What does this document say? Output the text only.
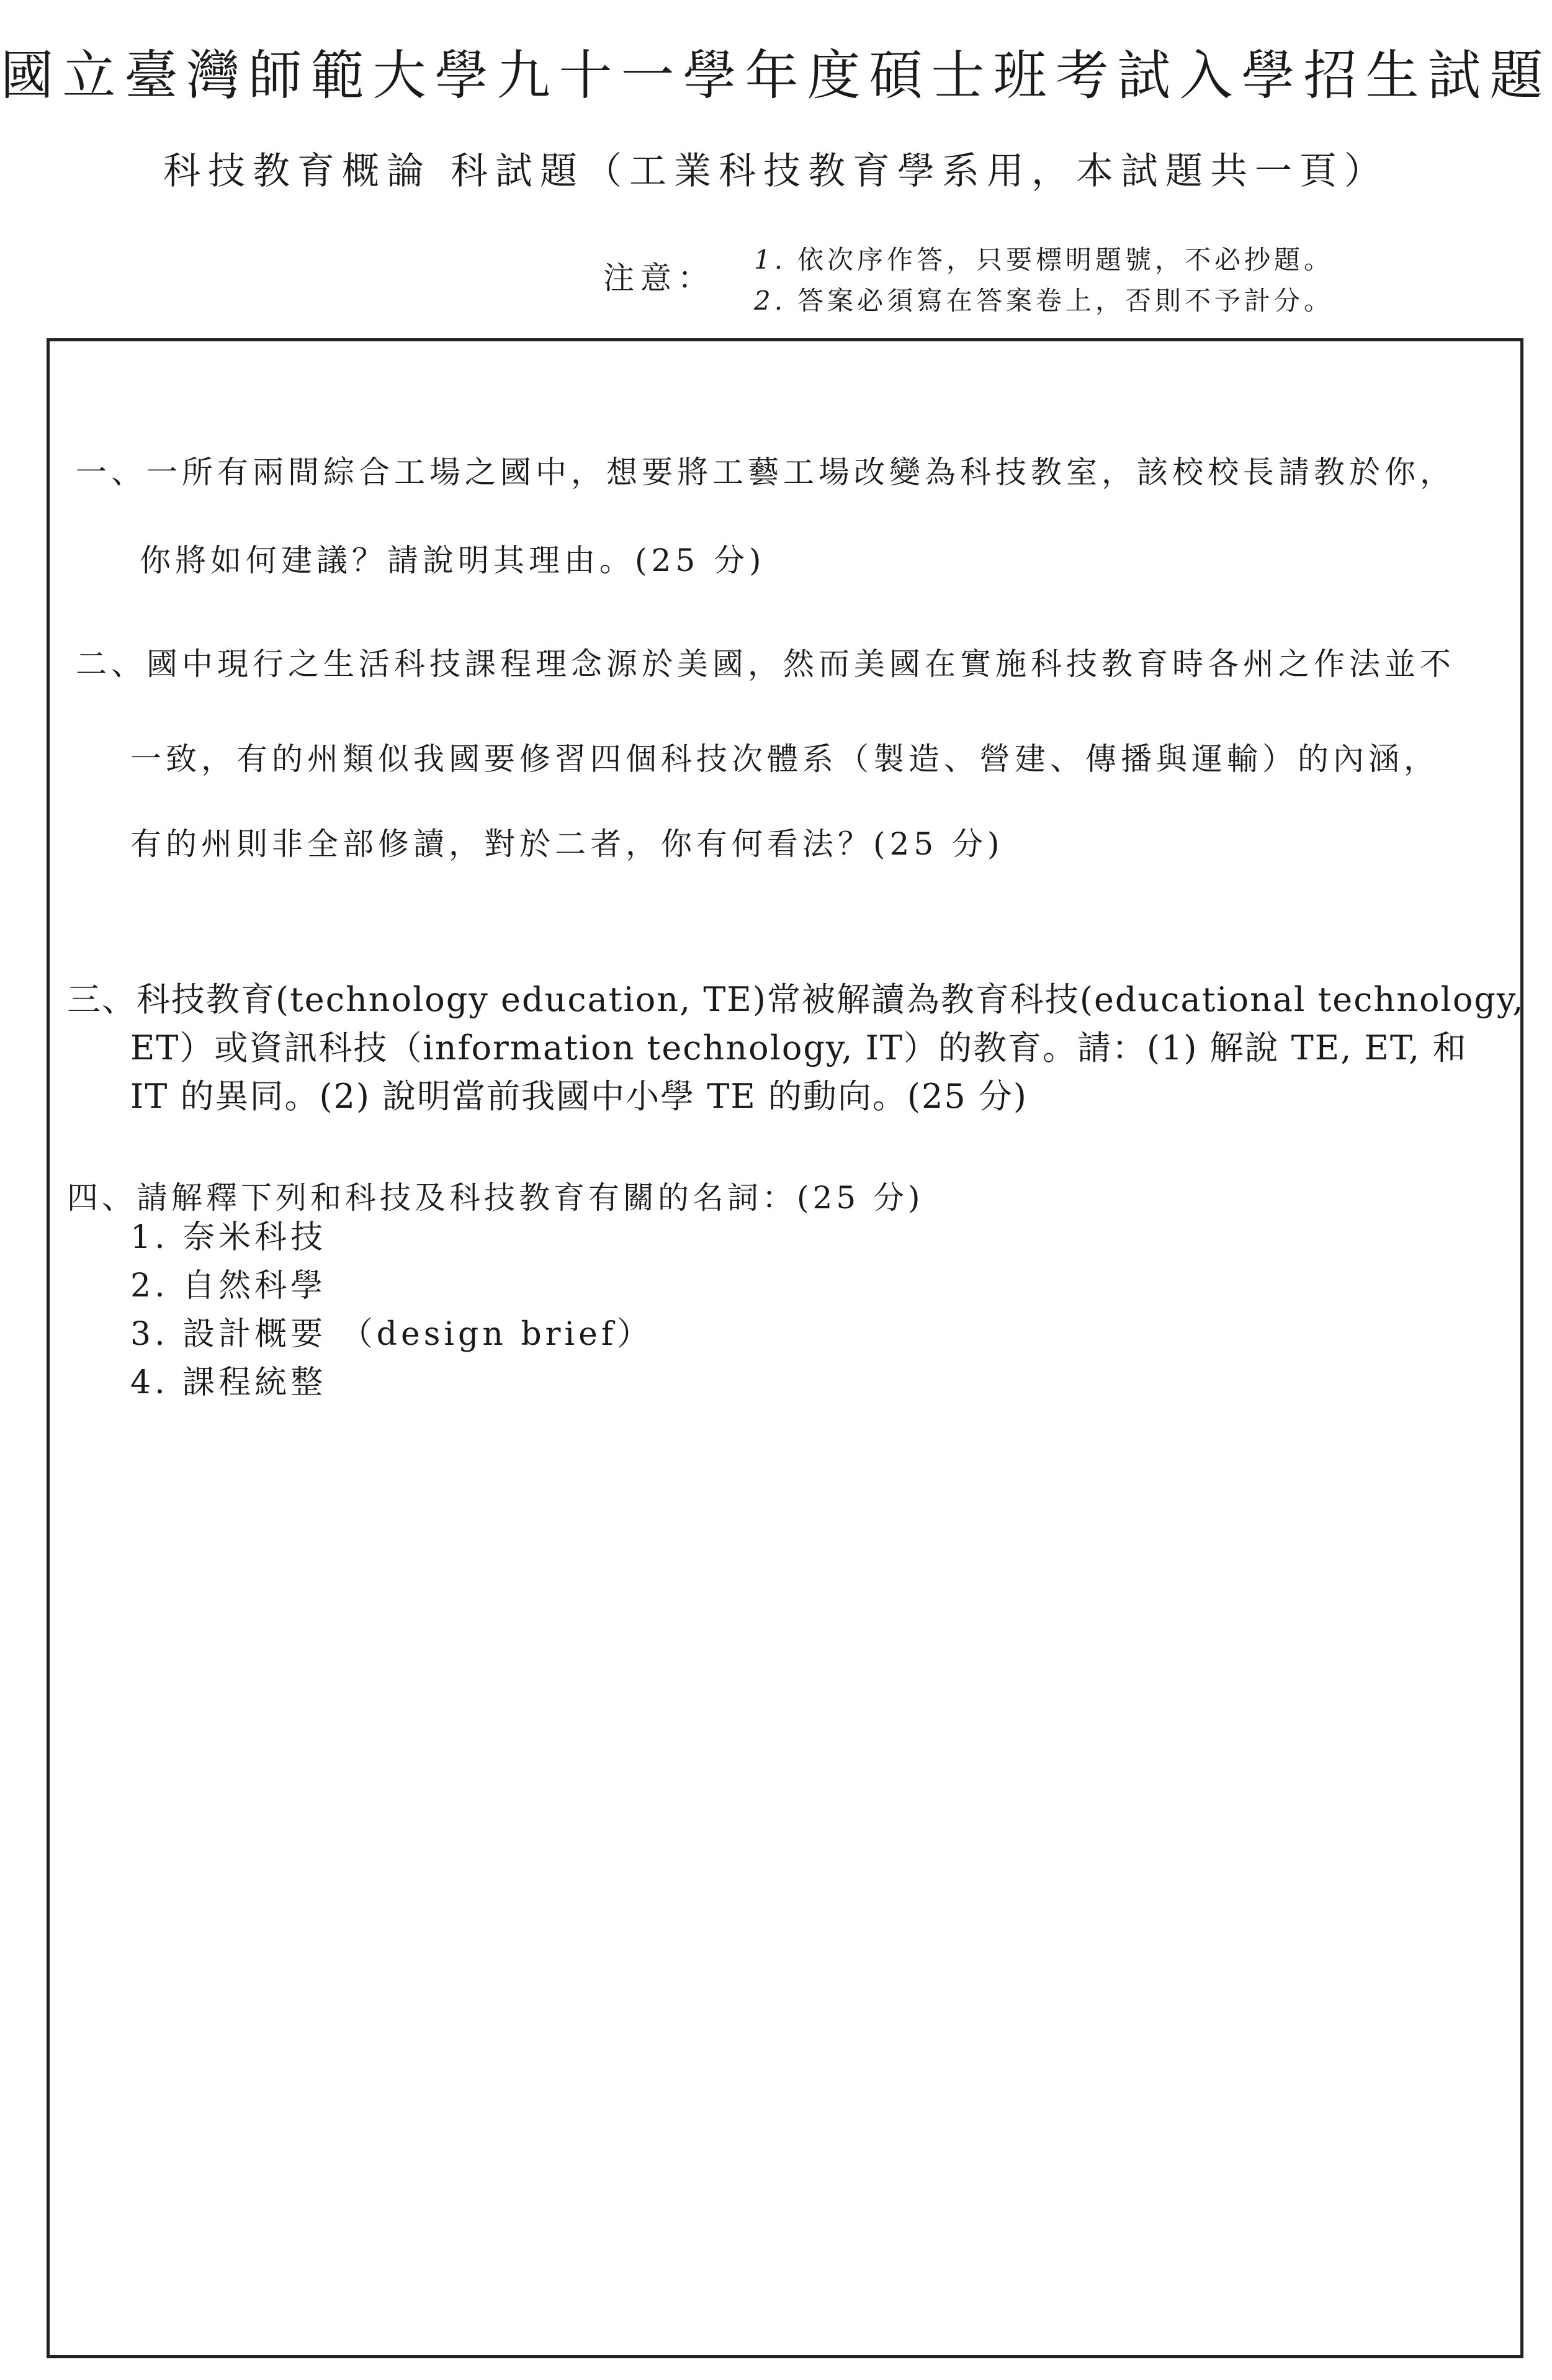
國立臺灣師範大學九十一學年度碩士班考試入學招生試題
科技教育概論 科試題（工業科技教育學系用，本試題共一頁）
注意：
1. 依次序作答，只要標明題號，不必抄題。
2. 答案必須寫在答案卷上，否則不予計分。
一、一所有兩間綜合工場之國中，想要將工藝工場改變為科技教室，該校校長請教於你，
你將如何建議？請說明其理由。(25 分)
二、國中現行之生活科技課程理念源於美國，然而美國在實施科技教育時各州之作法並不
一致，有的州類似我國要修習四個科技次體系（製造、營建、傳播與運輸）的內涵，
有的州則非全部修讀，對於二者，你有何看法？(25 分)
三、科技教育(technology education, TE)常被解讀為教育科技(educational technology,
ET）或資訊科技（information technology, IT）的教育。請：(1) 解說 TE, ET, 和
IT 的異同。(2) 說明當前我國中小學 TE 的動向。(25 分)
四、請解釋下列和科技及科技教育有關的名詞：(25 分)
1. 奈米科技
2. 自然科學
3. 設計概要 （design brief）
4. 課程統整
